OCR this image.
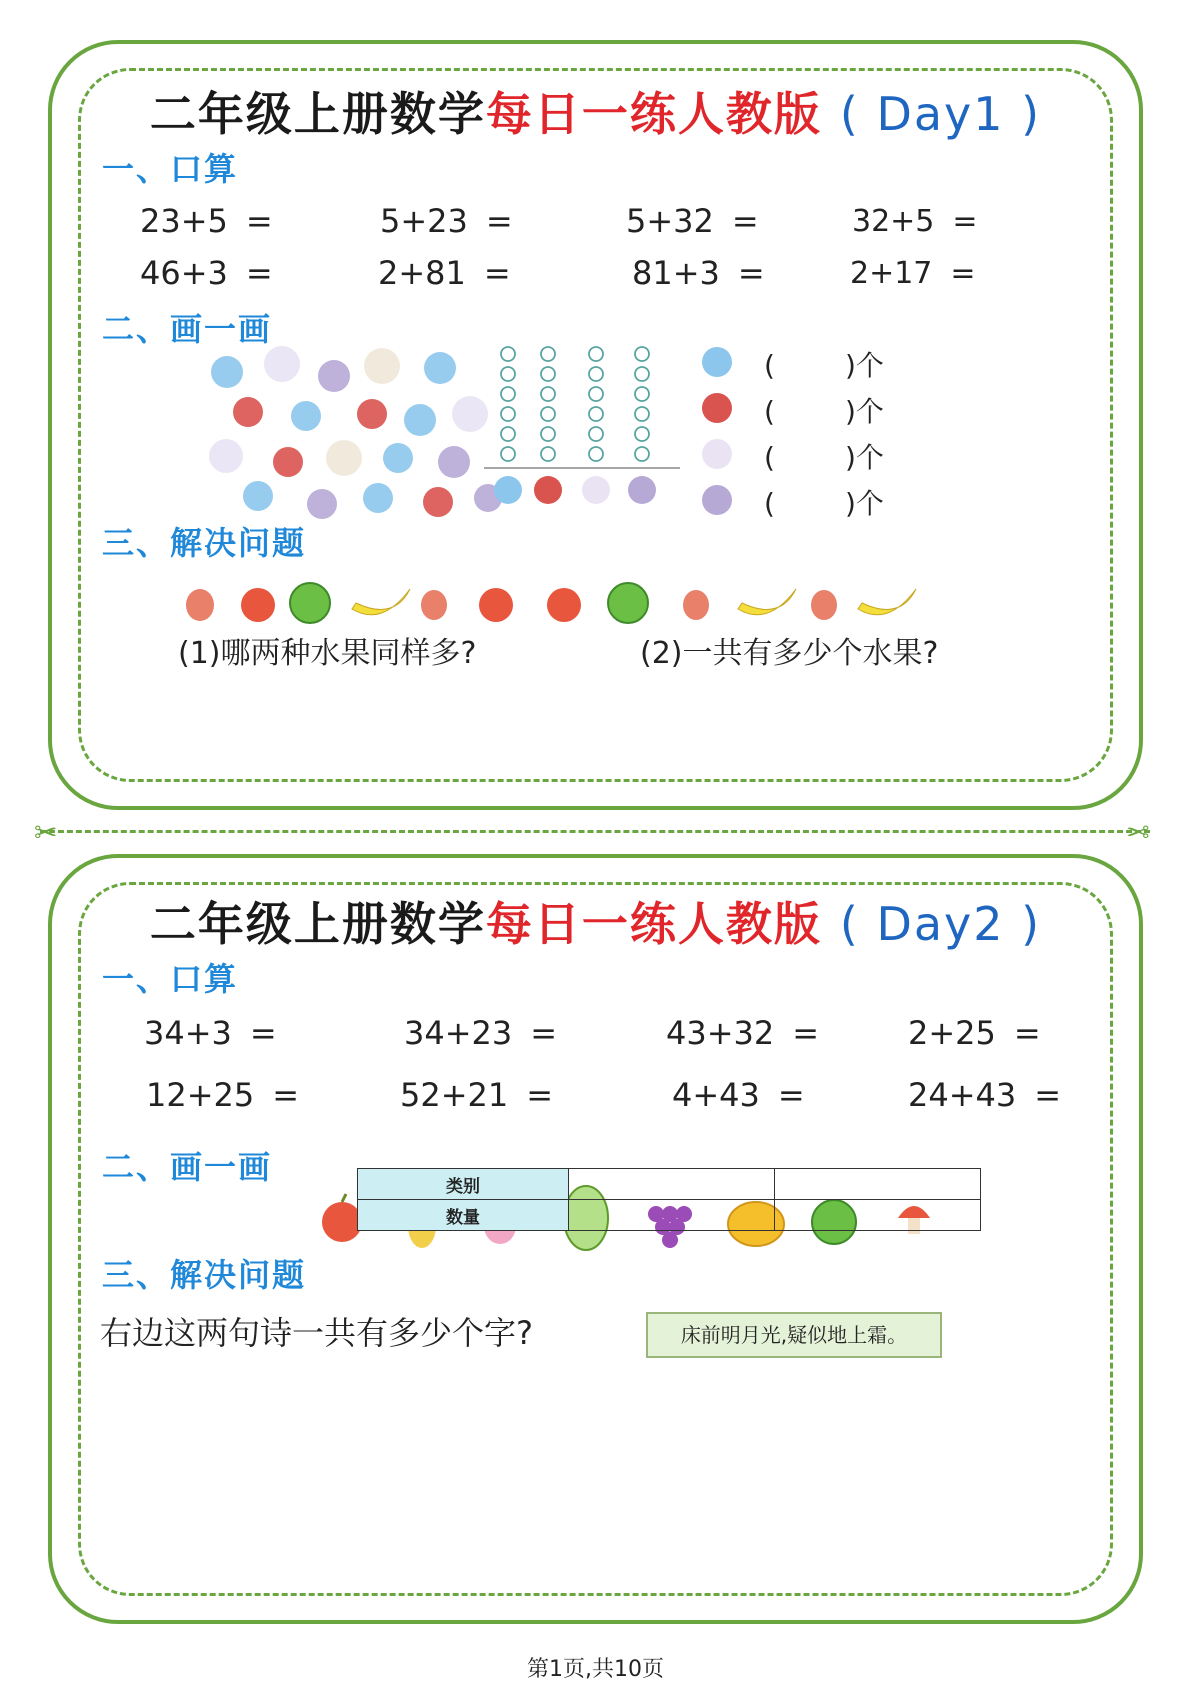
二年级上册数学每日一练人教版 ( Day1 )
一、口算
23+5 =	5+23 =	5+32 =	32+5 =
46+3 =	2+81 =	81+3 =	2+17 =
二、画一画
(	)个
(	)个
(	)个
(	)个
三、解决问题
(1)哪两种水果同样多?	(2)一共有多少个水果?
✂	✂
二年级上册数学每日一练人教版 ( Day2 )
一、口算
34+3 =	34+23 =	43+32 =	2+25 =
12+25 =	52+21 =	4+43 =	24+43 =
二、画一画
类别		
数量		
三、解决问题
右边这两句诗一共有多少个字?	床前明月光,疑似地上霜。
第1页,共10页
